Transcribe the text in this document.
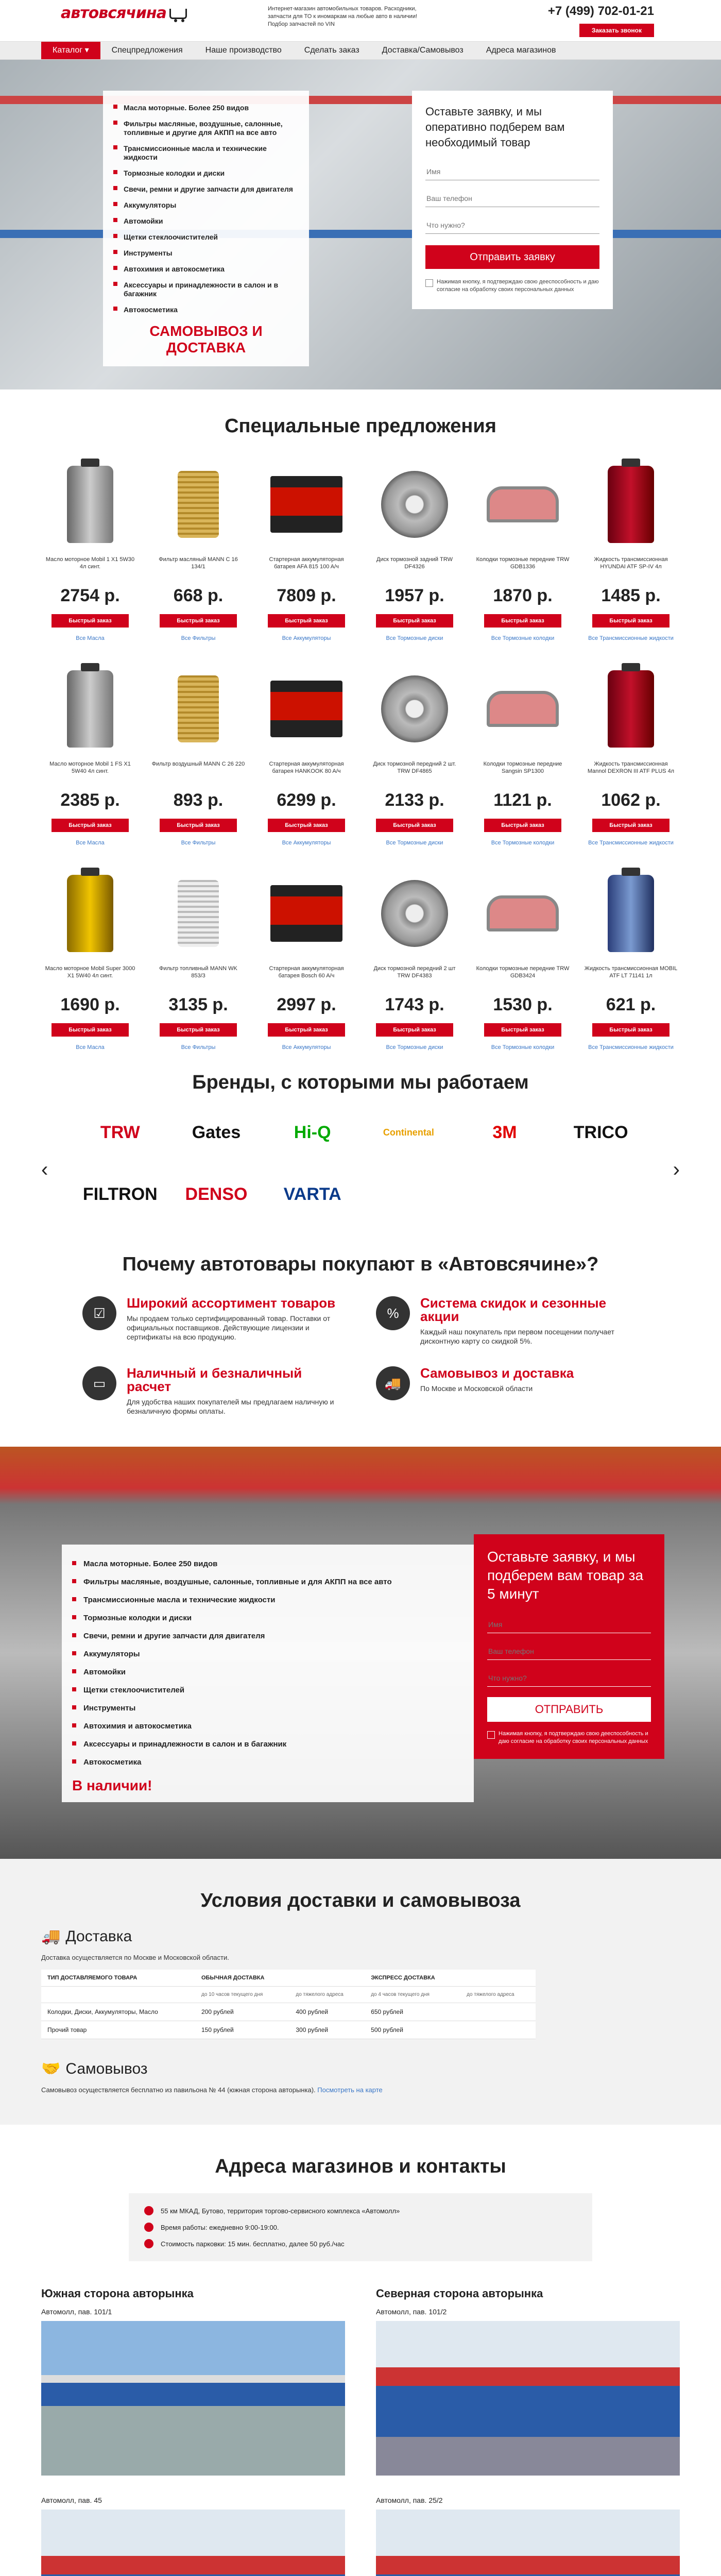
автовсячина	Интернет-магазин автомобильных товаров. Расходники, запчасти для ТО к иномаркам на любые авто в наличии! Подбор запчастей по VIN
+7 (499) 702-01-21
Заказать звонок
Каталог ▾	Спецпредложения	Наше производство	Сделать заказ	Доставка/Самовывоз	Адреса магазинов
Масла моторные. Более 250 видов
Фильтры масляные, воздушные, салонные, топливные и другие для АКПП на все авто
Трансмиссионные масла и технические жидкости
Тормозные колодки и диски
Свечи, ремни и другие запчасти для двигателя
Аккумуляторы
Автомойки
Щетки стеклоочистителей
Инструменты
Автохимия и автокосметика
Аксессуары и принадлежности в салон и в багажник
Автокосметика
САМОВЫВОЗ И ДОСТАВКА
Оставьте заявку, и мы оперативно подберем вам необходимый товар
Имя
Ваш телефон
Что нужно?
Отправить заявку
Нажимая кнопку, я подтверждаю свою дееспособность и даю согласие на обработку своих персональных данных
Специальные предложения
Масло моторное Mobil 1 X1 5W30 4л синт.
2754 р.
Быстрый заказ
Все Масла
Фильтр масляный MANN C 16 134/1
668 р.
Быстрый заказ
Все Фильтры
Стартерная аккумуляторная батарея AFA 815 100 A/ч
7809 р.
Быстрый заказ
Все Аккумуляторы
Диск тормозной задний TRW DF4326
1957 р.
Быстрый заказ
Все Тормозные диски
Колодки тормозные передние TRW GDB1336
1870 р.
Быстрый заказ
Все Тормозные колодки
Жидкость трансмиссионная HYUNDAI ATF SP-IV 4л
1485 р.
Быстрый заказ
Все Трансмиссионные жидкости
Масло моторное Mobil 1 FS X1 5W40 4л синт.
2385 р.
Быстрый заказ
Все Масла
Фильтр воздушный MANN C 26 220
893 р.
Быстрый заказ
Все Фильтры
Стартерная аккумуляторная батарея HANKOOK 80 A/ч
6299 р.
Быстрый заказ
Все Аккумуляторы
Диск тормозной передний 2 шт. TRW DF4865
2133 р.
Быстрый заказ
Все Тормозные диски
Колодки тормозные передние Sangsin SP1300
1121 р.
Быстрый заказ
Все Тормозные колодки
Жидкость трансмиссионная Mannol DEXRON III ATF PLUS 4л
1062 р.
Быстрый заказ
Все Трансмиссионные жидкости
Масло моторное Mobil Super 3000 X1 5W40 4л синт.
1690 р.
Быстрый заказ
Все Масла
Фильтр топливный MANN WK 853/3
3135 р.
Быстрый заказ
Все Фильтры
Стартерная аккумуляторная батарея Bosch 60 A/ч
2997 р.
Быстрый заказ
Все Аккумуляторы
Диск тормозной передний 2 шт TRW DF4383
1743 р.
Быстрый заказ
Все Тормозные диски
Колодки тормозные передние TRW GDB3424
1530 р.
Быстрый заказ
Все Тормозные колодки
Жидкость трансмиссионная MOBIL ATF LT 71141 1л
621 р.
Быстрый заказ
Все Трансмиссионные жидкости
Бренды, с которыми мы работаем
‹
TRW	Gates	Hi-Q	Continental	3M	TRICO
FILTRON	DENSO	VARTA
›
Почему автотовары покупают в «Автовсячине»?
☑
Широкий ассортимент товаров
Мы продаем только сертифицированный товар. Поставки от официальных поставщиков. Действующие лицензии и сертификаты на всю продукцию.
%
Система скидок и сезонные акции
Каждый наш покупатель при первом посещении получает дисконтную карту со скидкой 5%.
▭
Наличный и безналичный расчет
Для удобства наших покупателей мы предлагаем наличную и безналичную формы оплаты.
🚚
Самовывоз и доставка
По Москве и Московской области
Масла моторные. Более 250 видов
Фильтры масляные, воздушные, салонные, топливные и для АКПП на все авто
Трансмиссионные масла и технические жидкости
Тормозные колодки и диски
Свечи, ремни и другие запчасти для двигателя
Аккумуляторы
Автомойки
Щетки стеклоочистителей
Инструменты
Автохимия и автокосметика
Аксессуары и принадлежности в салон и в багажник
Автокосметика
В наличии!
Оставьте заявку, и мы подберем вам товар за 5 минут
Имя
Ваш телефон
Что нужно?
ОТПРАВИТЬ
Нажимая кнопку, я подтверждаю свою дееспособность и даю согласие на обработку своих персональных данных
Условия доставки и самовывоза
🚚 Доставка
Доставка осуществляется по Москве и Московской области.
ТИП ДОСТАВЛЯЕМОГО ТОВАРА	ОБЫЧНАЯ ДОСТАВКА		ЭКСПРЕСС ДОСТАВКА	
	до 10 часов текущего дня	до тяжелого адреса	до 4 часов текущего дня	до тяжелого адреса
Колодки, Диски, Аккумуляторы, Масло	200 рублей	400 рублей	650 рублей	
Прочий товар	150 рублей	300 рублей	500 рублей	
🤝 Самовывоз
Самовывоз осуществляется бесплатно из павильона № 44 (южная сторона авторынка). Посмотреть на карте
Адреса магазинов и контакты
55 км МКАД, Бутово, территория торгово-сервисного комплекса «Автомолл»
Время работы: ежедневно 9:00-19:00.
Стоимость парковки: 15 мин. бесплатно, далее 50 руб./час
Южная сторона авторынка
Автомолл, пав. 101/1
Северная сторона авторынка
Автомолл, пав. 101/2
Автомолл, пав. 45	Автомолл, пав. 25/2
